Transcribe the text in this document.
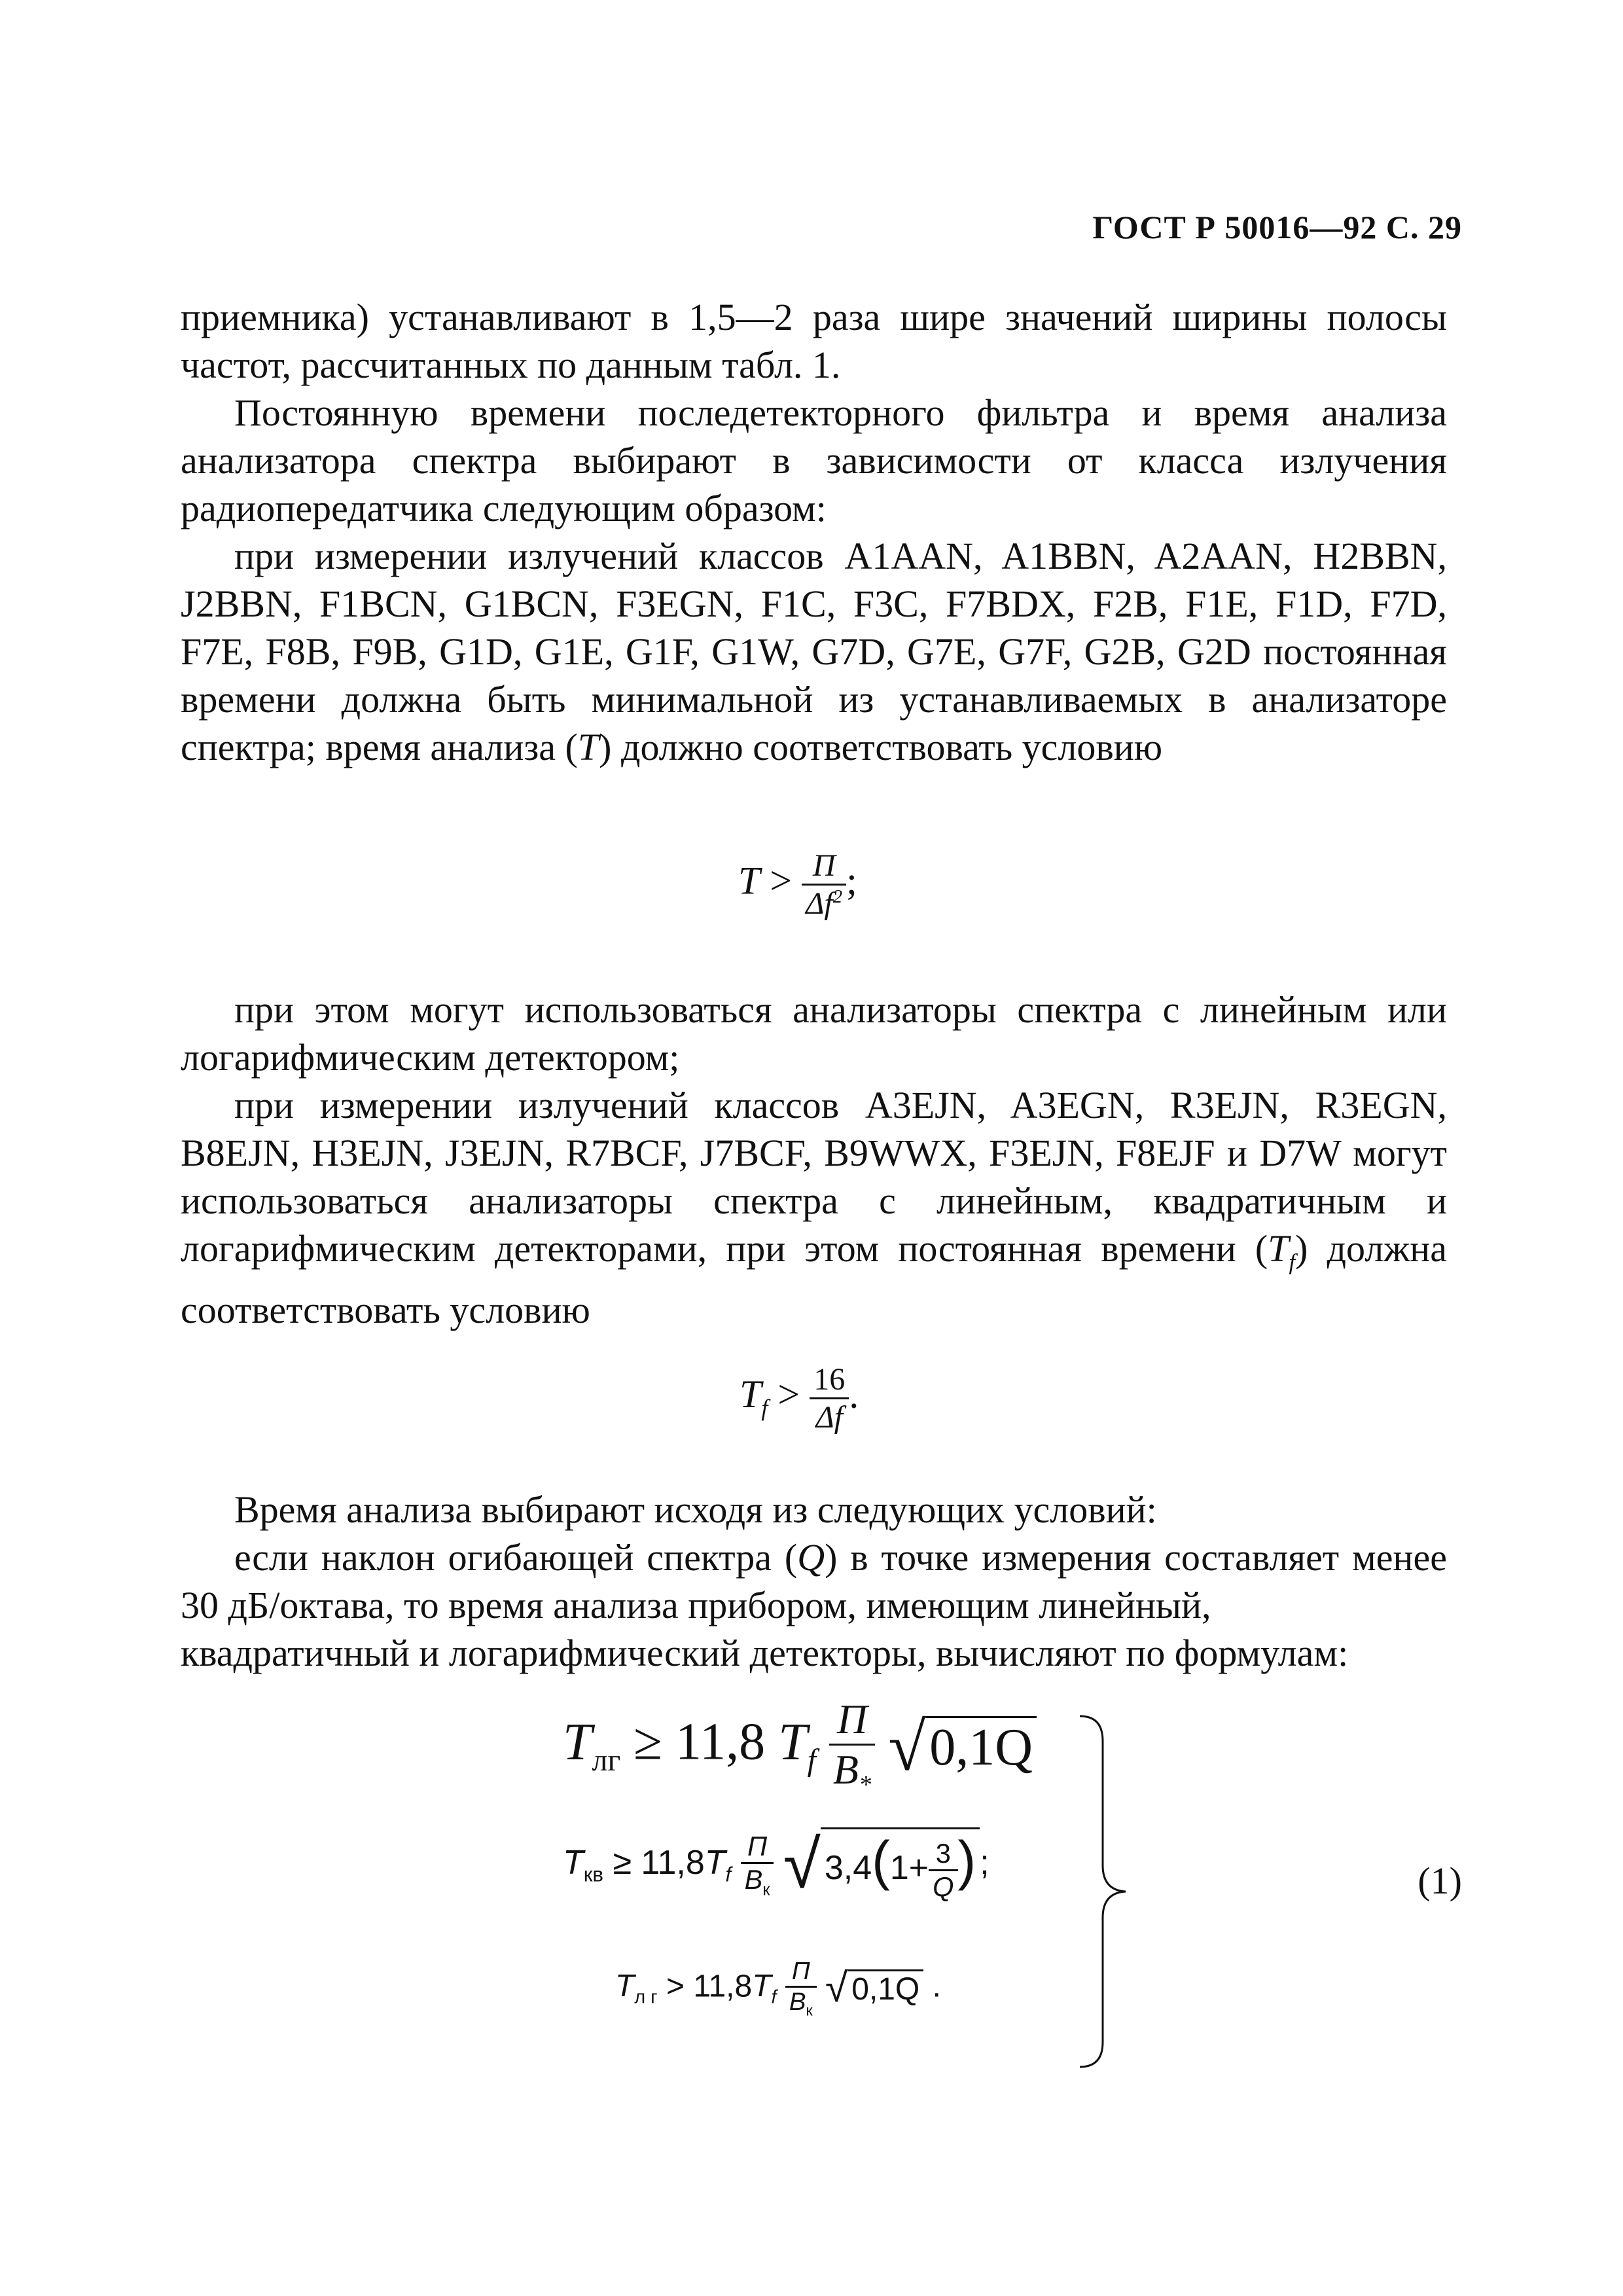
ГОСТ Р 50016—92 С. 29

приемника) устанавливают в 1,5—2 раза шире значений ширины полосы частот, рассчитанных по данным табл. 1.

Постоянную времени последетекторного фильтра и время анализа анализатора спектра выбирают в зависимости от класса излучения радиопередатчика следующим образом:

при измерении излучений классов A1AAN, A1BBN, A2AAN, H2BBN, J2BBN, F1BCN, G1BCN, F3EGN, F1C, F3C, F7BDX, F2B, F1E, F1D, F7D, F7E, F8B, F9B, G1D, G1E, G1F, G1W, G7D, G7E, G7F, G2B, G2D постоянная времени должна быть минимальной из устанавливаемых в анализаторе спектра; время анализа (T) должно соответствовать условию

$T > \frac{П}{\Delta f^2}$ ;

при этом могут использоваться анализаторы спектра с линейным или логарифмическим детектором;

при измерении излучений классов A3EJN, A3EGN, R3EJN, R3EGN, B8EJN, H3EJN, J3EJN, R7BCF, J7BCF, B9WWX, F3EJN, F8EJF и D7W могут использоваться анализаторы спектра с линейным, квадратичным и логарифмическим детекторами, при этом постоянная времени $(T_f)$ должна соответствовать условию

$T_f > \frac{16}{\Delta f}$ .

Время анализа выбирают исходя из следующих условий:

если наклон огибающей спектра (Q) в точке измерения составляет менее 30 дБ/октава, то время анализа прибором, имеющим линейный,

квадратичный и логарифмический детекторы, вычисляют по формулам:

$T_{лг} \ge 11,8$ $T_f \frac{П}{B_*} √0,1Q$
$T_{кв} \ge 11,8T_f \frac{П}{B_к}$ √ $3,4(1+ \frac{3}{Q}$ ) ;
$T_{л г} > 11,8T_f \frac{П}{B_к}$ √ 0,1Q .
(1)
